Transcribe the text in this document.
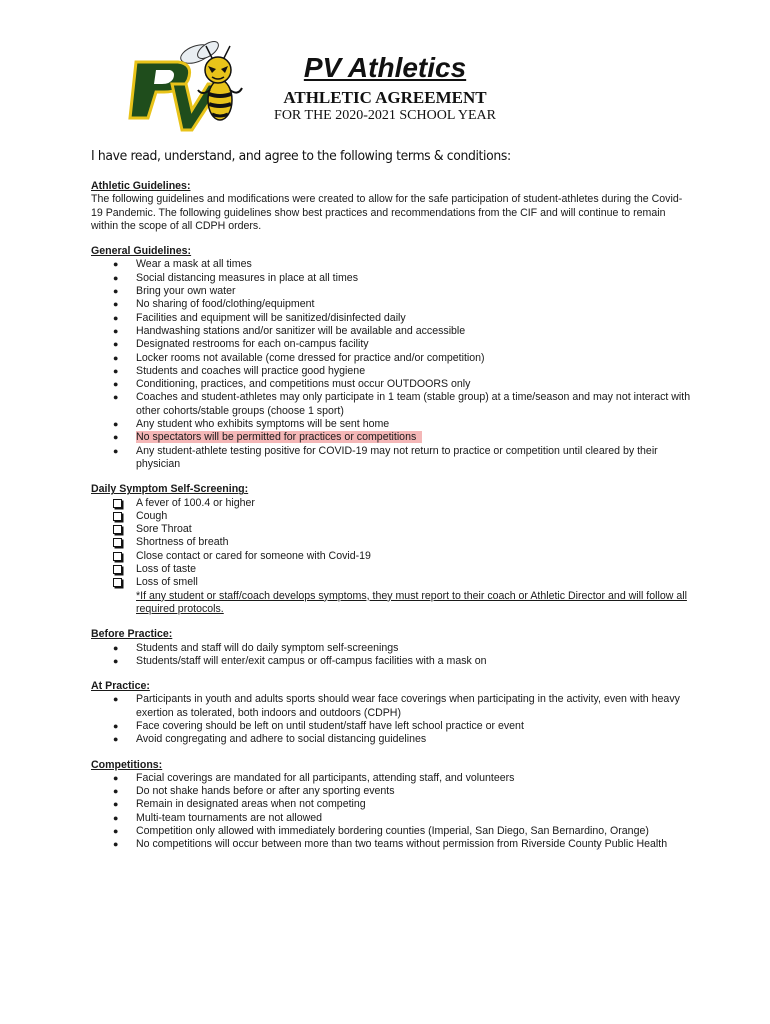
PV Athletics
ATHLETIC AGREEMENT
FOR THE 2020-2021 SCHOOL YEAR
I have read, understand, and agree to the following terms & conditions:
Athletic Guidelines:

The following guidelines and modifications were created to allow for the safe participation of student-athletes during the Covid-19 Pandemic. The following guidelines show best practices and recommendations from the CIF and will continue to remain within the scope of all CDPH orders.

General Guidelines:
● Wear a mask at all times
● Social distancing measures in place at all times
● Bring your own water
● No sharing of food/clothing/equipment
● Facilities and equipment will be sanitized/disinfected daily
● Handwashing stations and/or sanitizer will be available and accessible
● Designated restrooms for each on-campus facility
● Locker rooms not available (come dressed for practice and/or competition)
● Students and coaches will practice good hygiene
● Conditioning, practices, and competitions must occur OUTDOORS only
● Coaches and student-athletes may only participate in 1 team (stable group) at a time/season and may not interact with other cohorts/stable groups (choose 1 sport)
● Any student who exhibits symptoms will be sent home
● No spectators will be permitted for practices or competitions
● Any student-athlete testing positive for COVID-19 may not return to practice or competition until cleared by their physician
Daily Symptom Self-Screening:
A fever of 100.4 or higher
Cough
Sore Throat
Shortness of breath
Close contact or cared for someone with Covid-19
Loss of taste
Loss of smell
*If any student or staff/coach develops symptoms, they must report to their coach or Athletic Director and will follow all required protocols.
Before Practice:
● Students and staff will do daily symptom self-screenings
● Students/staff will enter/exit campus or off-campus facilities with a mask on
At Practice:
● Participants in youth and adults sports should wear face coverings when participating in the activity, even with heavy exertion as tolerated, both indoors and outdoors (CDPH)
● Face covering should be left on until student/staff have left school practice or event
● Avoid congregating and adhere to social distancing guidelines
Competitions:
● Facial coverings are mandated for all participants, attending staff, and volunteers
● Do not shake hands before or after any sporting events
● Remain in designated areas when not competing
● Multi-team tournaments are not allowed
● Competition only allowed with immediately bordering counties (Imperial, San Diego, San Bernardino, Orange)
● No competitions will occur between more than two teams without permission from Riverside County Public Health
